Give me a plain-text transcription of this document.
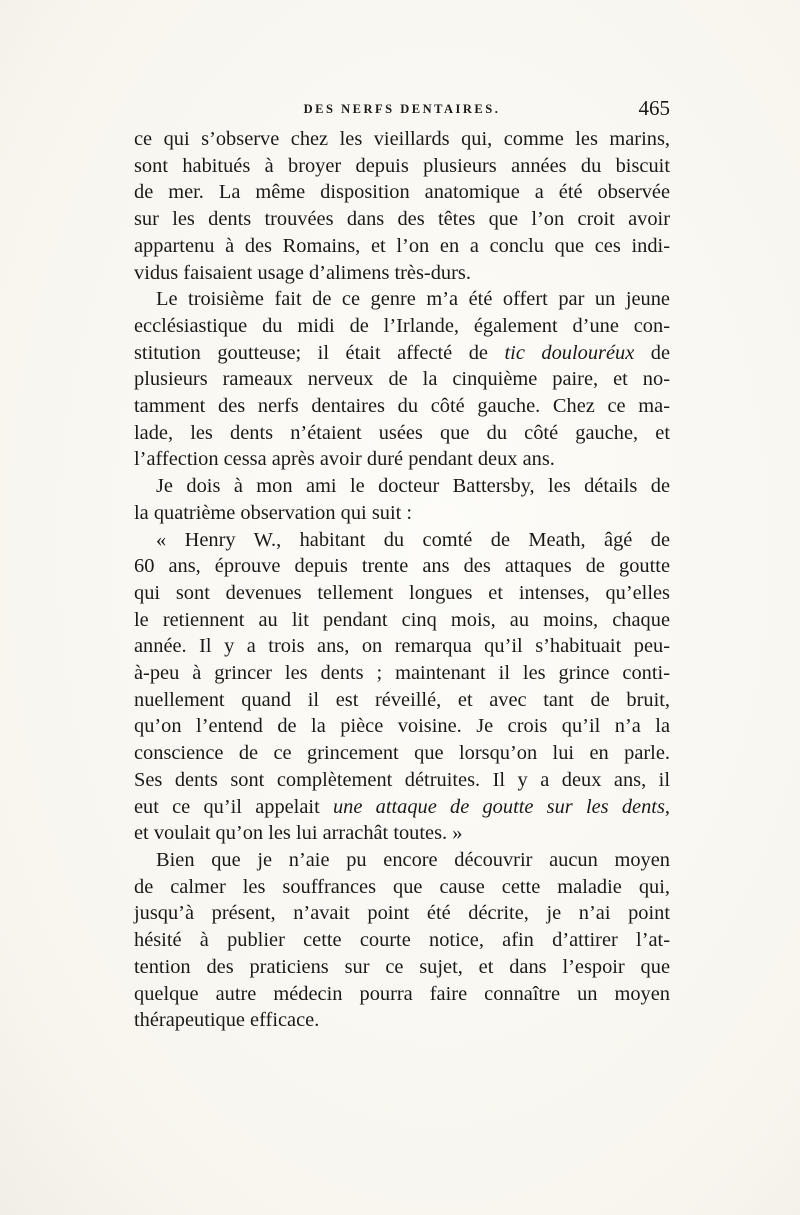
DES NERFS DENTAIRES.	465
ce qui s’observe chez les vieillards qui, comme les marins,
sont habitués à broyer depuis plusieurs années du biscuit
de mer. La même disposition anatomique a été observée
sur les dents trouvées dans des têtes que l’on croit avoir
appartenu à des Romains, et l’on en a conclu que ces indi-
vidus faisaient usage d’alimens très-durs.
Le troisième fait de ce genre m’a été offert par un jeune
ecclésiastique du midi de l’Irlande, également d’une con-
stitution goutteuse; il était affecté de tic doulouréux de
plusieurs rameaux nerveux de la cinquième paire, et no-
tamment des nerfs dentaires du côté gauche. Chez ce ma-
lade, les dents n’étaient usées que du côté gauche, et
l’affection cessa après avoir duré pendant deux ans.
Je dois à mon ami le docteur Battersby, les détails de
la quatrième observation qui suit :
« Henry W., habitant du comté de Meath, âgé de
60 ans, éprouve depuis trente ans des attaques de goutte
qui sont devenues tellement longues et intenses, qu’elles
le retiennent au lit pendant cinq mois, au moins, chaque
année. Il y a trois ans, on remarqua qu’il s’habituait peu-
à-peu à grincer les dents ; maintenant il les grince conti-
nuellement quand il est réveillé, et avec tant de bruit,
qu’on l’entend de la pièce voisine. Je crois qu’il n’a la
conscience de ce grincement que lorsqu’on lui en parle.
Ses dents sont complètement détruites. Il y a deux ans, il
eut ce qu’il appelait une attaque de goutte sur les dents,
et voulait qu’on les lui arrachât toutes. »
Bien que je n’aie pu encore découvrir aucun moyen
de calmer les souffrances que cause cette maladie qui,
jusqu’à présent, n’avait point été décrite, je n’ai point
hésité à publier cette courte notice, afin d’attirer l’at-
tention des praticiens sur ce sujet, et dans l’espoir que
quelque autre médecin pourra faire connaître un moyen
thérapeutique efficace.
